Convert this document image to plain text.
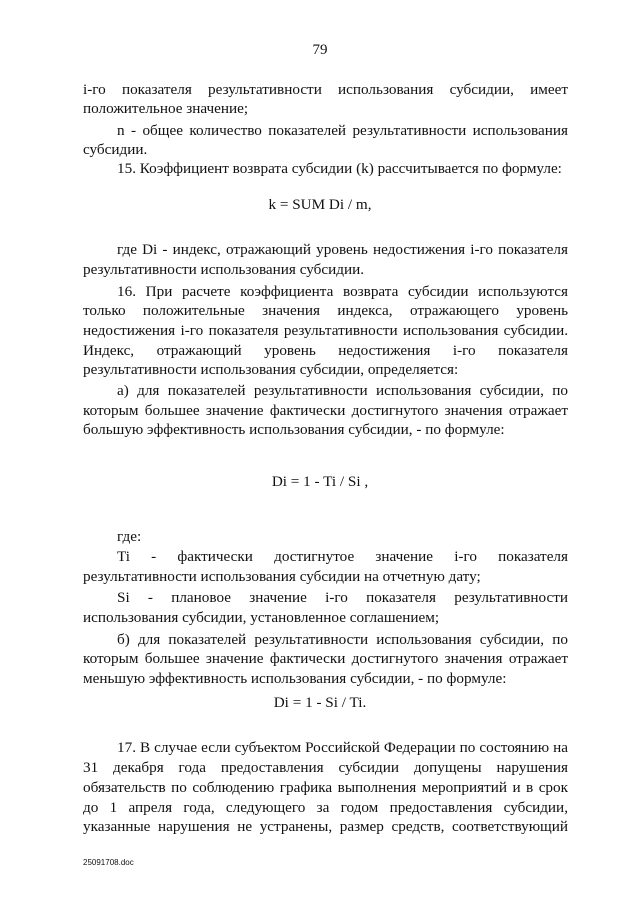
79
i-го показателя результативности использования субсидии, имеет
положительное значение;
n - общее количество показателей результативности использования
субсидии.
15. Коэффициент возврата субсидии (k) рассчитывается по формуле:
k = SUM Di / m,
где Di - индекс, отражающий уровень недостижения i-го показателя
результативности использования субсидии.
16. При расчете коэффициента возврата субсидии используются
только положительные значения индекса, отражающего уровень
недостижения i-го показателя результативности использования субсидии.
Индекс, отражающий уровень недостижения i-го показателя
результативности использования субсидии, определяется:
а) для показателей результативности использования субсидии, по
которым большее значение фактически достигнутого значения отражает
большую эффективность использования субсидии, - по формуле:
Di = 1 - Ti / Si ,
где:
Ti - фактически достигнутое значение i-го показателя
результативности использования субсидии на отчетную дату;
Si - плановое значение i-го показателя результативности
использования субсидии, установленное соглашением;
б) для показателей результативности использования субсидии, по
которым большее значение фактически достигнутого значения отражает
меньшую эффективность использования субсидии, - по формуле:
Di = 1 - Si / Ti.
17. В случае если субъектом Российской Федерации по состоянию на
31 декабря года предоставления субсидии допущены нарушения
обязательств по соблюдению графика выполнения мероприятий и в срок
до 1 апреля года, следующего за годом предоставления субсидии,
указанные нарушения не устранены, размер средств, соответствующий
25091708.doc
